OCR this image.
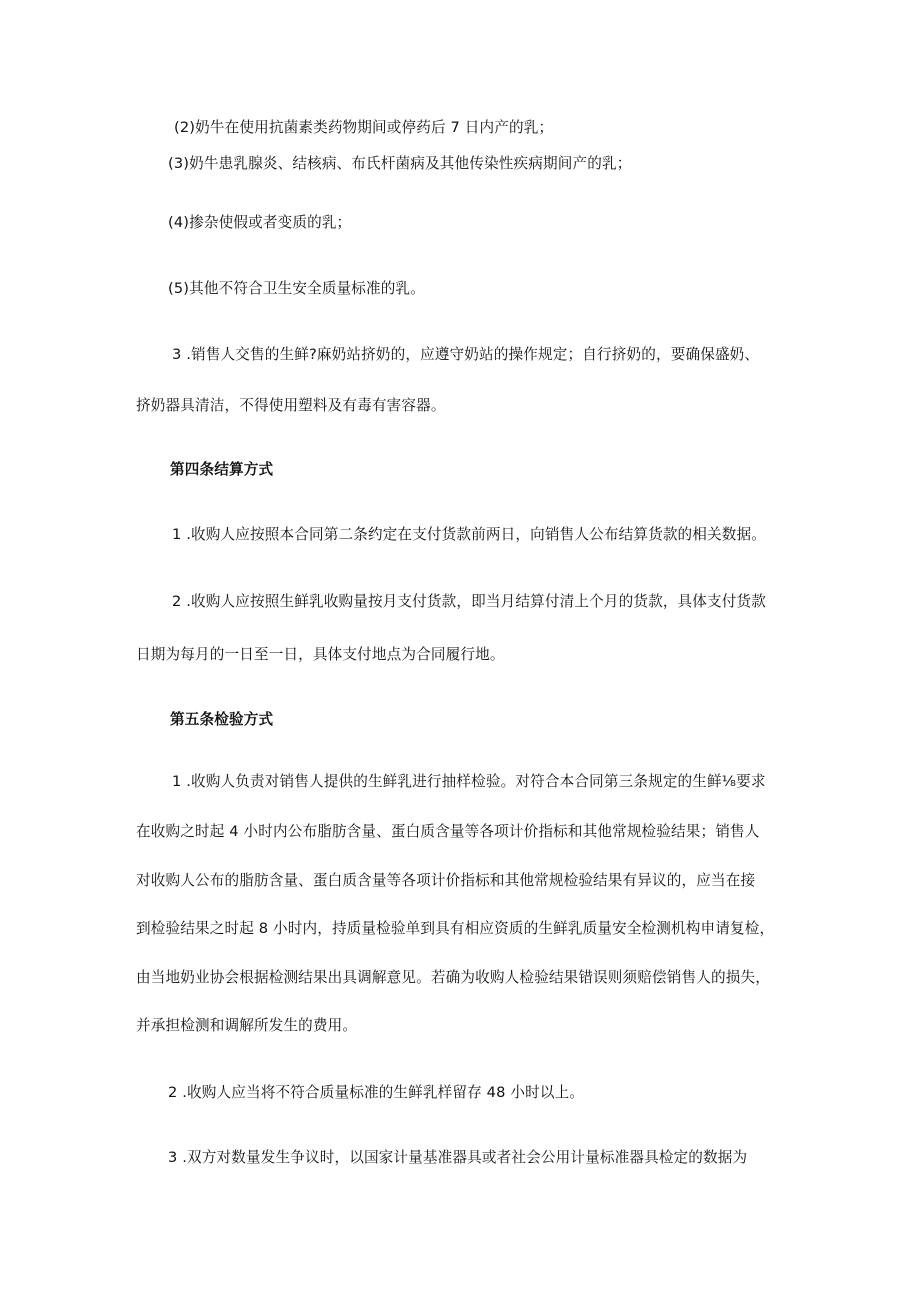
(2)奶牛在使用抗菌素类药物期间或停药后 7 日内产的乳；
(3)奶牛患乳腺炎、结核病、布氏杆菌病及其他传染性疾病期间产的乳；
(4)掺杂使假或者变质的乳；
(5)其他不符合卫生安全质量标准的乳。
3 .销售人交售的生鲜?麻奶站挤奶的，应遵守奶站的操作规定；自行挤奶的，要确保盛奶、
挤奶器具清洁，不得使用塑料及有毒有害容器。
第四条结算方式
1 .收购人应按照本合同第二条约定在支付货款前两日，向销售人公布结算货款的相关数据。
2 .收购人应按照生鲜乳收购量按月支付货款，即当月结算付清上个月的货款，具体支付货款
日期为每月的一日至一日，具体支付地点为合同履行地。
第五条检验方式
1 .收购人负责对销售人提供的生鲜乳进行抽样检验。对符合本合同第三条规定的生鲜⅛要求
在收购之时起 4 小时内公布脂肪含量、蛋白质含量等各项计价指标和其他常规检验结果；销售人
对收购人公布的脂肪含量、蛋白质含量等各项计价指标和其他常规检验结果有异议的，应当在接
到检验结果之时起 8 小时内，持质量检验单到具有相应资质的生鲜乳质量安全检测机构申请复检，
由当地奶业协会根据检测结果出具调解意见。若确为收购人检验结果错误则须赔偿销售人的损失，
并承担检测和调解所发生的费用。
2 .收购人应当将不符合质量标准的生鲜乳样留存 48 小时以上。
3 .双方对数量发生争议时，以国家计量基准器具或者社会公用计量标准器具检定的数据为
